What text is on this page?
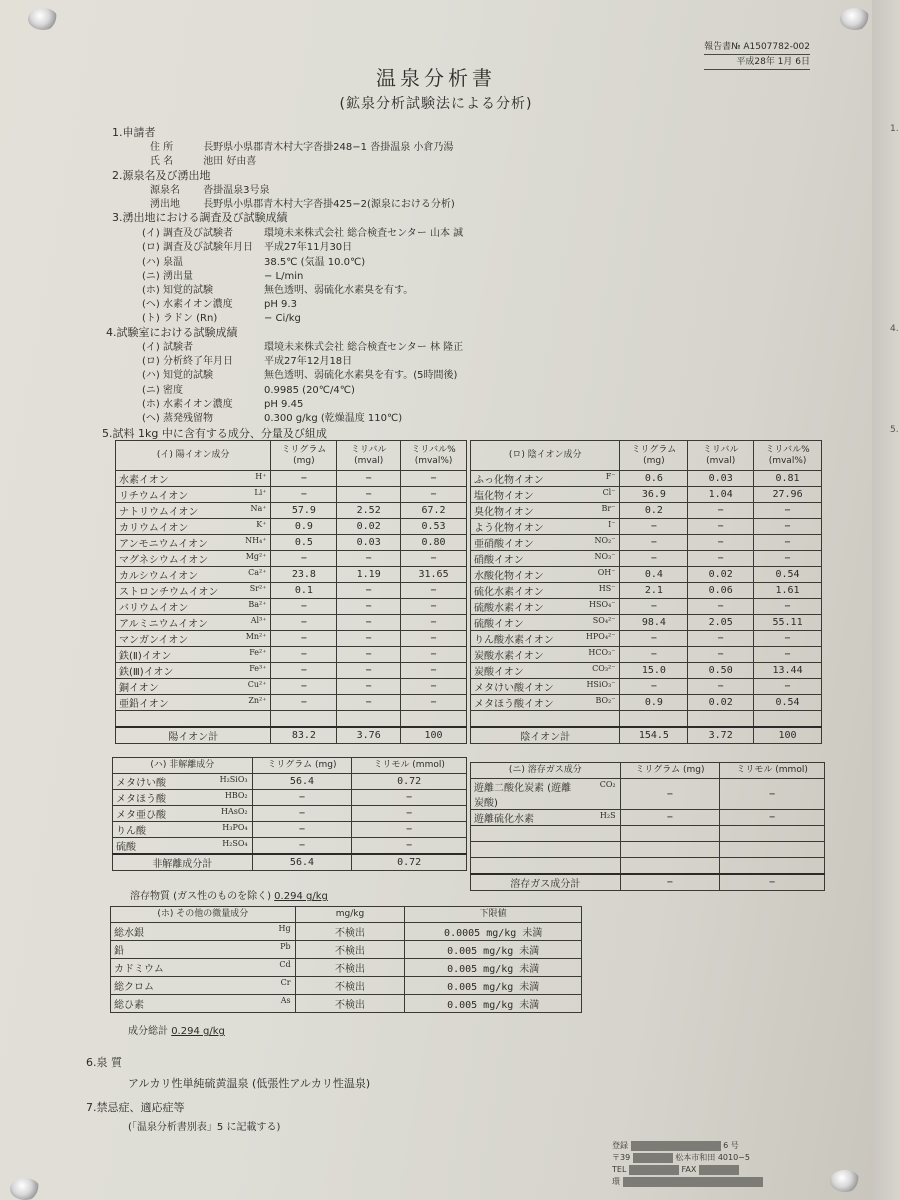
報告書№ A1507782-002
平成28年 1月 6日
温泉分析書
(鉱泉分析試験法による分析)
1.申請者
住 所	長野県小県郡青木村大字沓掛248−1 沓掛温泉 小倉乃湯
氏 名	池田 好由喜
2.源泉名及び湧出地
源泉名 沓掛温泉3号泉
湧出地 長野県小県郡青木村大字沓掛425−2(源泉における分析)
3.湧出地における調査及び試験成績
(イ) 調査及び試験者	環境未来株式会社 総合検査センター 山本 誠
(ロ) 調査及び試験年月日 平成27年11月30日
(ハ) 泉温	38.5℃ (気温 10.0℃)
(ニ) 湧出量	− L/min
(ホ) 知覚的試験	無色透明、弱硫化水素臭を有す。
(ヘ) 水素イオン濃度	pH 9.3
(ト) ラドン (Rn)	− Ci/kg
4.試験室における試験成績
(イ) 試験者	環境未来株式会社 総合検査センター 林 隆正
(ロ) 分析終了年月日	平成27年12月18日
(ハ) 知覚的試験	無色透明、弱硫化水素臭を有す。(5時間後)
(ニ) 密度	0.9985 (20℃/4℃)
(ホ) 水素イオン濃度	pH 9.45
(ヘ) 蒸発残留物	0.300 g/kg (乾燥温度 110℃)
5.試料 1kg 中に含有する成分、分量及び組成
(イ) 陽イオン成分	ミリグラム (mg)	ミリバル (mval)	ミリバル% (mval%)
水素イオン H⁺	−	−	−
リチウムイオン Li⁺	−	−	−
ナトリウムイオン Na⁺	57.9	2.52	67.2
カリウムイオン K⁺	0.9	0.02	0.53
アンモニウムイオン NH₄⁺	0.5	0.03	0.80
マグネシウムイオン Mg²⁺	−	−	−
カルシウムイオン Ca²⁺	23.8	1.19	31.65
ストロンチウムイオン Sr²⁺	0.1	−	−
バリウムイオン Ba²⁺	−	−	−
アルミニウムイオン Al³⁺	−	−	−
マンガンイオン Mn²⁺	−	−	−
鉄(Ⅱ)イオン Fe²⁺	−	−	−
鉄(Ⅲ)イオン Fe³⁺	−	−	−
銅イオン Cu²⁺	−	−	−
亜鉛イオン Zn²⁺	−	−	−

陽イオン計	83.2	3.76	100
(ロ) 陰イオン成分	ミリグラム (mg)	ミリバル (mval)	ミリバル% (mval%)
ふっ化物イオン F⁻	0.6	0.03	0.81
塩化物イオン Cl⁻	36.9	1.04	27.96
臭化物イオン Br⁻	0.2	−	−
よう化物イオン I⁻	−	−	−
亜硝酸イオン NO₂⁻	−	−	−
硝酸イオン NO₃⁻	−	−	−
水酸化物イオン OH⁻	0.4	0.02	0.54
硫化水素イオン HS⁻	2.1	0.06	1.61
硫酸水素イオン HSO₄⁻	−	−	−
硫酸イオン SO₄²⁻	98.4	2.05	55.11
りん酸水素イオン HPO₄²⁻	−	−	−
炭酸水素イオン HCO₃⁻	−	−	−
炭酸イオン CO₃²⁻	15.0	0.50	13.44
メタけい酸イオン HSiO₃⁻	−	−	−
メタほう酸イオン BO₂⁻	0.9	0.02	0.54

陰イオン計	154.5	3.72	100
(ハ) 非解離成分	ミリグラム (mg)	ミリモル (mmol)
メタけい酸 H₂SiO₃	56.4	0.72
メタほう酸 HBO₂	−	−
メタ亜ひ酸 HAsO₂	−	−
りん酸 H₃PO₄	−	−
硫酸 H₂SO₄	−	−
非解離成分計	56.4	0.72
(ニ) 溶存ガス成分	ミリグラム (mg)	ミリモル (mmol)
遊離二酸化炭素 (遊離炭酸)
CO₂	−	−
遊離硫化水素 H₂S	−	−

溶存ガス成分計	−	−
溶存物質 (ガス性のものを除く) 0.294 g/kg
(ホ) その他の微量成分	mg/kg	下限値
総水銀 Hg	不検出	0.0005 mg/kg 未満
鉛 Pb	不検出	0.005 mg/kg 未満
カドミウム Cd	不検出	0.005 mg/kg 未満
総クロム Cr	不検出	0.005 mg/kg 未満
総ひ素 As	不検出	0.005 mg/kg 未満
成分総計 0.294 g/kg
6.泉 質
アルカリ性単純硫黄温泉 (低張性アルカリ性温泉)
7.禁忌症、適応症等
(「温泉分析書別表」5 に記載する)
登録	6 号
〒39	松本市和田 4010−5
TEL	FAX
環
1.
4.
5.
